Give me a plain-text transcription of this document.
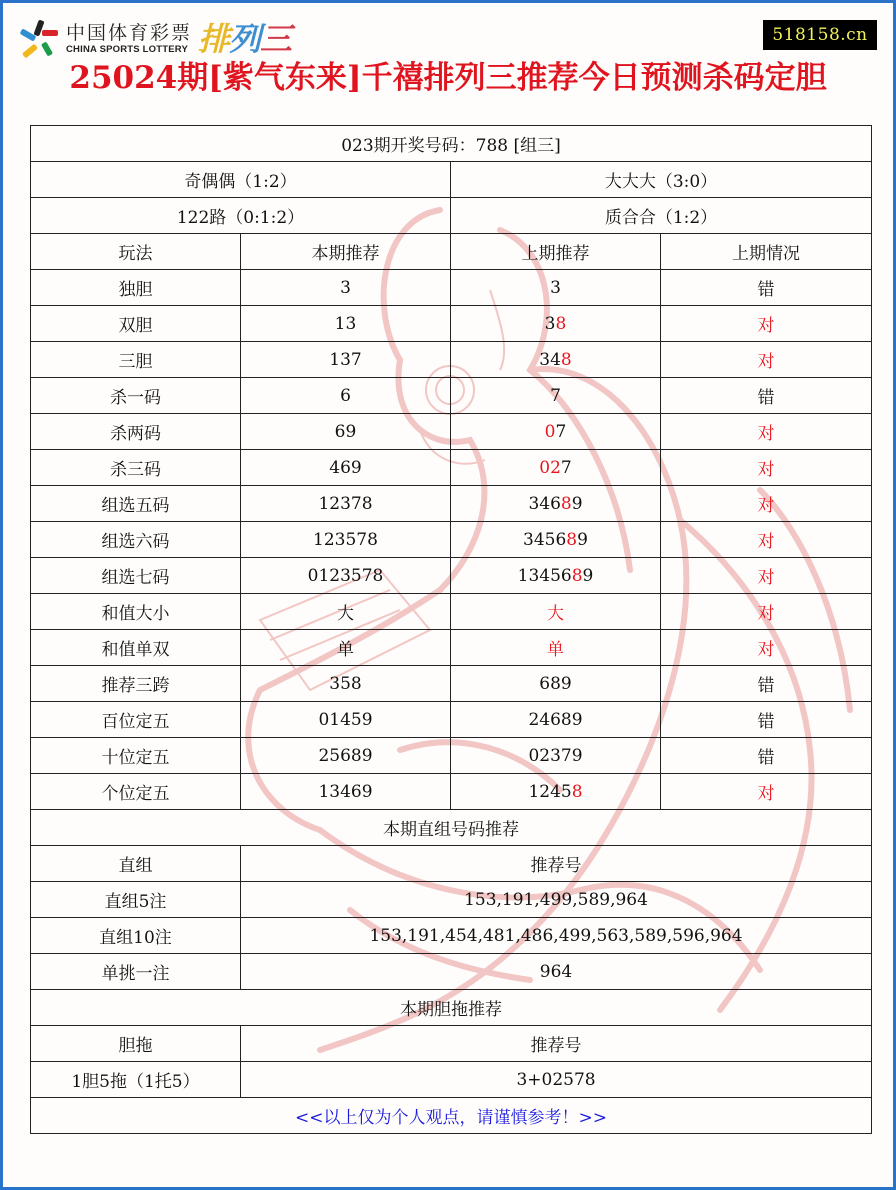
中国体育彩票
CHINA SPORTS LOTTERY 排列三	518158.cn
25024期[紫气东来]千禧排列三推荐今日预测杀码定胆
023期开奖号码：788 [组三]			
奇偶偶（1:2）		大大大（3:0）	
122路（0:1:2）		质合合（1:2）	
玩法	本期推荐	上期推荐	上期情况
独胆	3	3	错
双胆	13	38	对
三胆	137	348	对
杀一码	6	7	错
杀两码	69	07	对
杀三码	469	027	对
组选五码	12378	34689	对
组选六码	123578	345689	对
组选七码	0123578	1345689	对
和值大小	大	大	对
和值单双	单	单	对
推荐三跨	358	689	错
百位定五	01459	24689	错
十位定五	25689	02379	错
个位定五	13469	12458	对
本期直组号码推荐			
直组	推荐号		
直组5注	153,191,499,589,964		
直组10注	153,191,454,481,486,499,563,589,596,964		
单挑一注	964		
本期胆拖推荐			
胆拖	推荐号		
1胆5拖（1托5）	3+02578		
<<以上仅为个人观点，请谨慎参考！>>			
